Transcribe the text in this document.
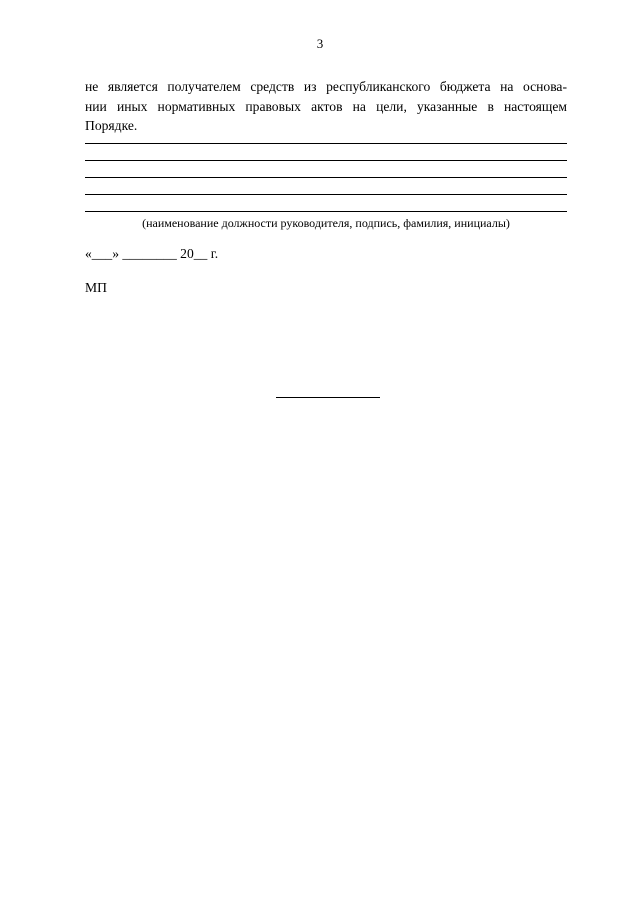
3
не является получателем средств из республиканского бюджета на основа-
нии иных нормативных правовых актов на цели, указанные в настоящем
Порядке.
(наименование должности руководителя, подпись, фамилия, инициалы)
«___» ________ 20__ г.
МП
